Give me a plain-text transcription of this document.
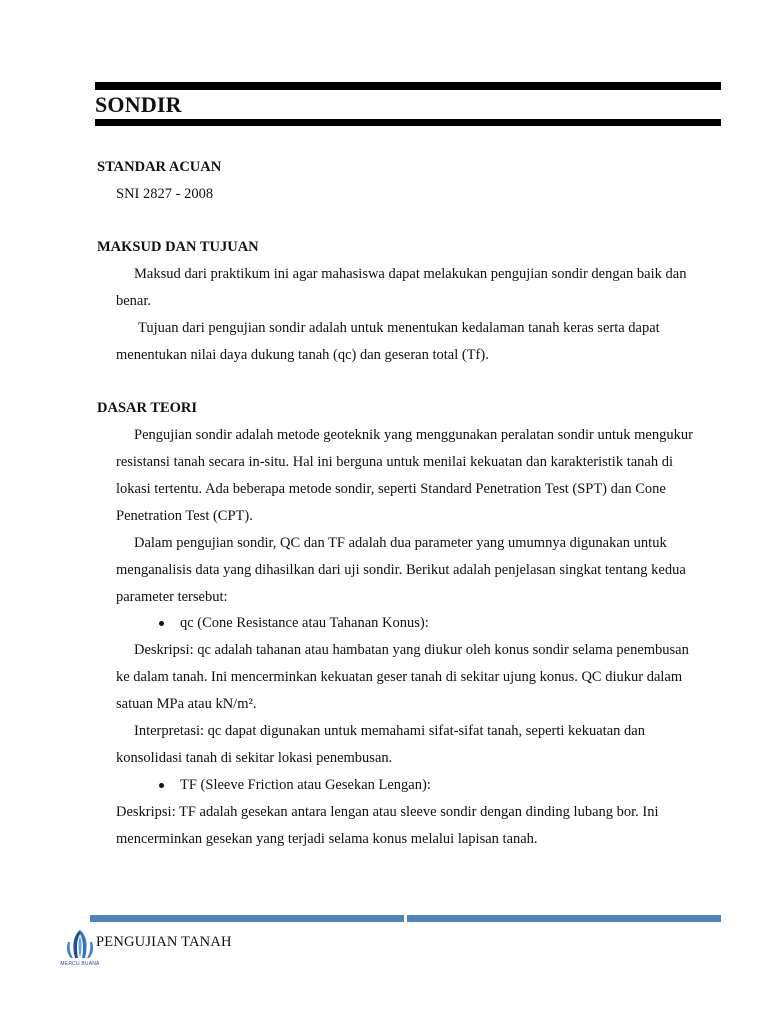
SONDIR
STANDAR ACUAN
SNI 2827 - 2008
MAKSUD DAN TUJUAN
Maksud dari praktikum ini agar mahasiswa dapat melakukan pengujian sondir dengan baik dan
benar.
Tujuan dari pengujian sondir adalah untuk menentukan kedalaman tanah keras serta dapat
menentukan nilai daya dukung tanah (qc) dan geseran total (Tf).
DASAR TEORI
Pengujian sondir adalah metode geoteknik yang menggunakan peralatan sondir untuk mengukur
resistansi tanah secara in-situ. Hal ini berguna untuk menilai kekuatan dan karakteristik tanah di
lokasi tertentu. Ada beberapa metode sondir, seperti Standard Penetration Test (SPT) dan Cone
Penetration Test (CPT).
Dalam pengujian sondir, QC dan TF adalah dua parameter yang umumnya digunakan untuk
menganalisis data yang dihasilkan dari uji sondir. Berikut adalah penjelasan singkat tentang kedua
parameter tersebut:
qc (Cone Resistance atau Tahanan Konus):
Deskripsi: qc adalah tahanan atau hambatan yang diukur oleh konus sondir selama penembusan
ke dalam tanah. Ini mencerminkan kekuatan geser tanah di sekitar ujung konus. QC diukur dalam
satuan MPa atau kN/m².
Interpretasi: qc dapat digunakan untuk memahami sifat-sifat tanah, seperti kekuatan dan
konsolidasi tanah di sekitar lokasi penembusan.
TF (Sleeve Friction atau Gesekan Lengan):
Deskripsi: TF adalah gesekan antara lengan atau sleeve sondir dengan dinding lubang bor. Ini
mencerminkan gesekan yang terjadi selama konus melalui lapisan tanah.
MERCU BUANA
PENGUJIAN TANAH
